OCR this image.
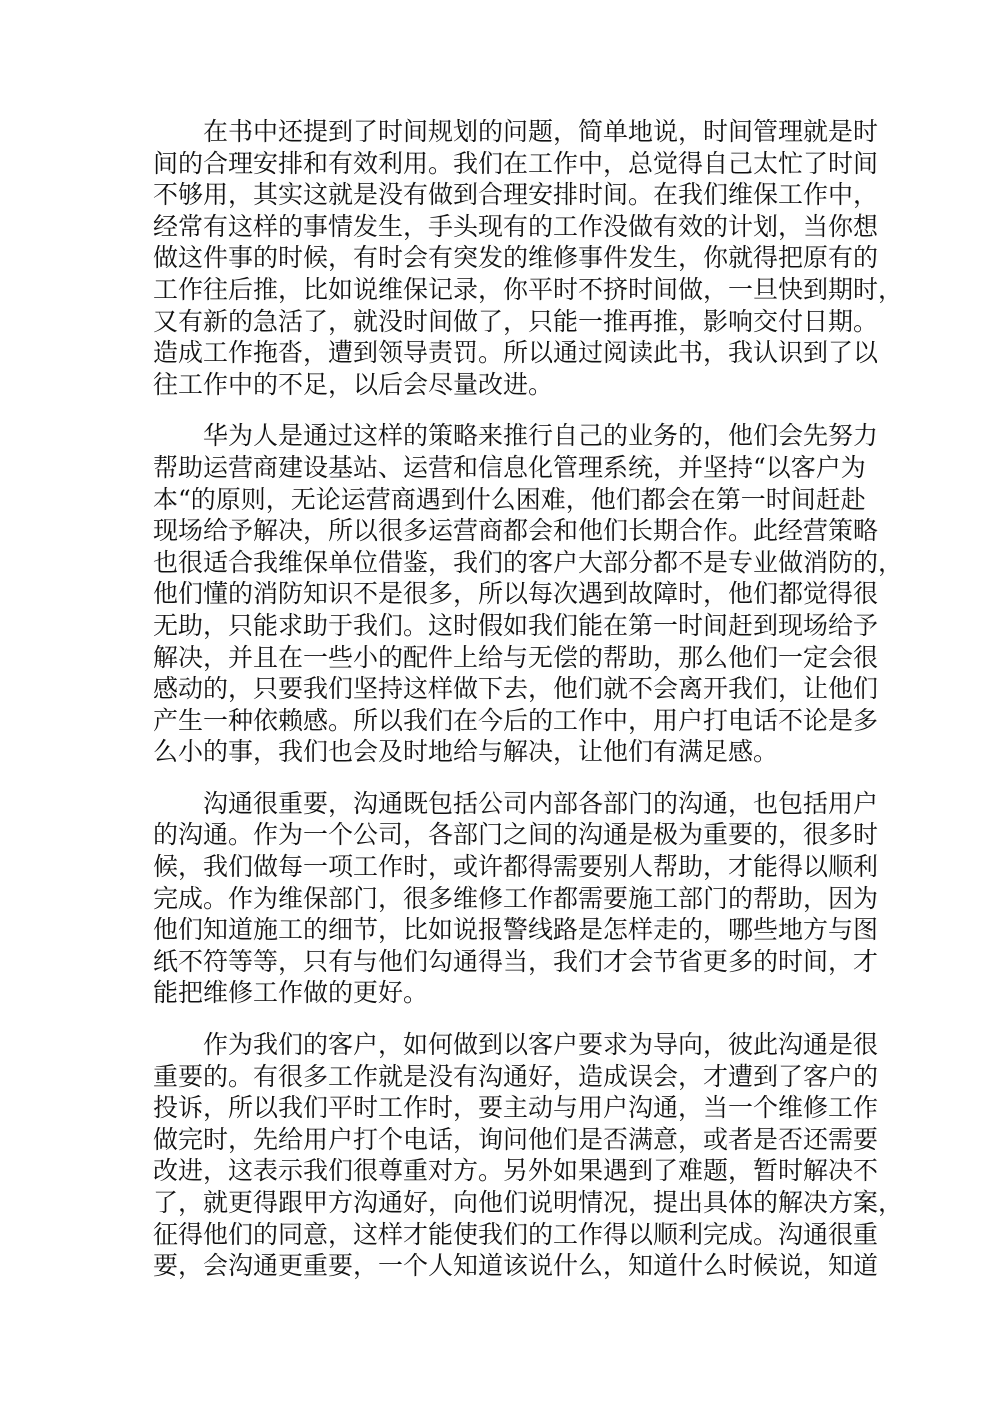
在书中还提到了时间规划的问题，简单地说，时间管理就是时
间的合理安排和有效利用。我们在工作中，总觉得自己太忙了时间
不够用，其实这就是没有做到合理安排时间。在我们维保工作中，
经常有这样的事情发生，手头现有的工作没做有效的计划，当你想
做这件事的时候，有时会有突发的维修事件发生，你就得把原有的
工作往后推，比如说维保记录，你平时不挤时间做，一旦快到期时，
又有新的急活了，就没时间做了，只能一推再推，影响交付日期。
造成工作拖沓，遭到领导责罚。所以通过阅读此书，我认识到了以
往工作中的不足，以后会尽量改进。
华为人是通过这样的策略来推行自己的业务的，他们会先努力
帮助运营商建设基站、运营和信息化管理系统，并坚持“以客户为
本“的原则，无论运营商遇到什么困难，他们都会在第一时间赶赴
现场给予解决，所以很多运营商都会和他们长期合作。此经营策略
也很适合我维保单位借鉴，我们的客户大部分都不是专业做消防的，
他们懂的消防知识不是很多，所以每次遇到故障时，他们都觉得很
无助，只能求助于我们。这时假如我们能在第一时间赶到现场给予
解决，并且在一些小的配件上给与无偿的帮助，那么他们一定会很
感动的，只要我们坚持这样做下去，他们就不会离开我们，让他们
产生一种依赖感。所以我们在今后的工作中，用户打电话不论是多
么小的事，我们也会及时地给与解决，让他们有满足感。
沟通很重要，沟通既包括公司内部各部门的沟通，也包括用户
的沟通。作为一个公司，各部门之间的沟通是极为重要的，很多时
候，我们做每一项工作时，或许都得需要别人帮助，才能得以顺利
完成。作为维保部门，很多维修工作都需要施工部门的帮助，因为
他们知道施工的细节，比如说报警线路是怎样走的，哪些地方与图
纸不符等等，只有与他们勾通得当，我们才会节省更多的时间，才
能把维修工作做的更好。
作为我们的客户，如何做到以客户要求为导向，彼此沟通是很
重要的。有很多工作就是没有沟通好，造成误会，才遭到了客户的
投诉，所以我们平时工作时，要主动与用户沟通，当一个维修工作
做完时，先给用户打个电话，询问他们是否满意，或者是否还需要
改进，这表示我们很尊重对方。另外如果遇到了难题，暂时解决不
了，就更得跟甲方沟通好，向他们说明情况，提出具体的解决方案，
征得他们的同意，这样才能使我们的工作得以顺利完成。沟通很重
要，会沟通更重要，一个人知道该说什么，知道什么时候说，知道
